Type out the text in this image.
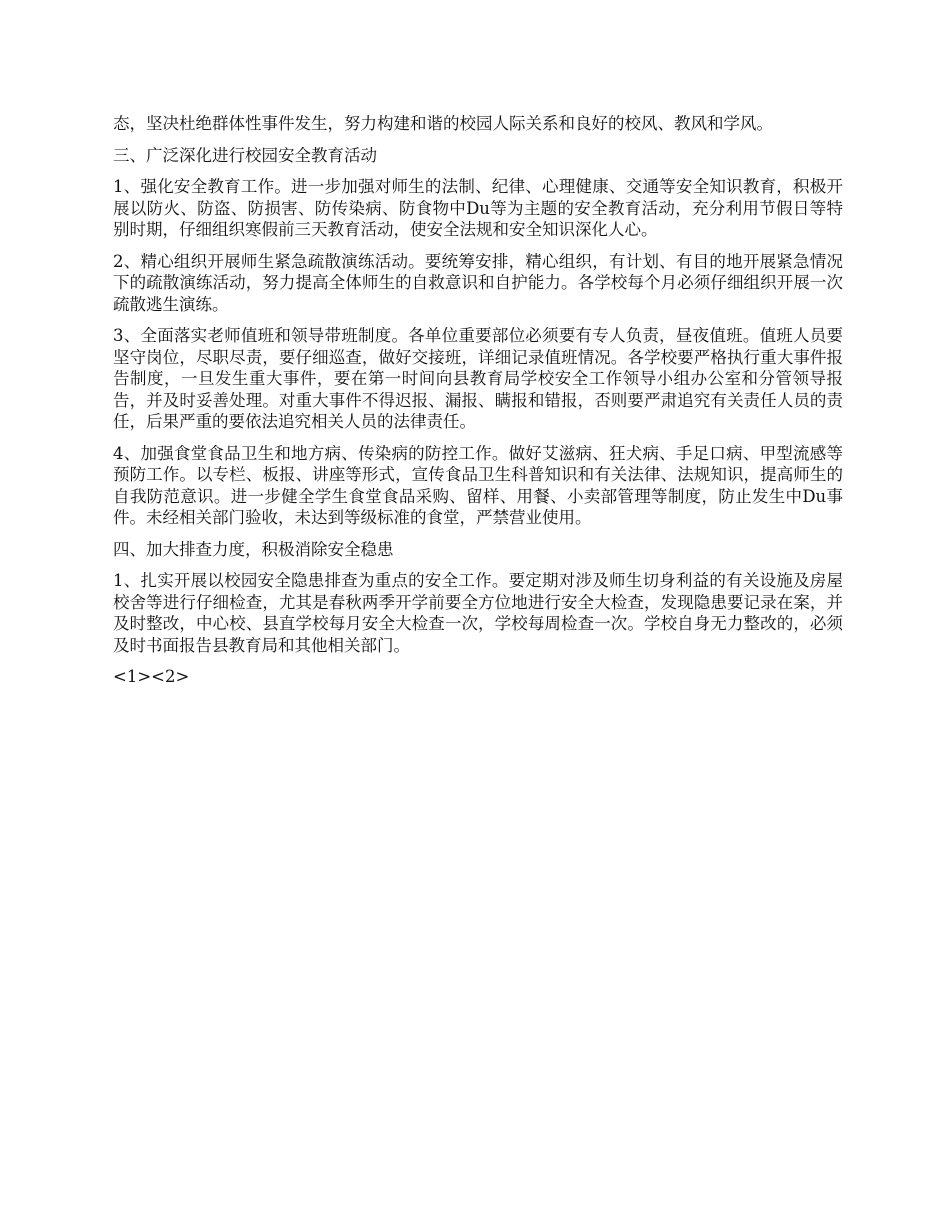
态，坚决杜绝群体性事件发生，努力构建和谐的校园人际关系和良好的校风、教风和学风。

三、广泛深化进行校园安全教育活动

1、强化安全教育工作。进一步加强对师生的法制、纪律、心理健康、交通等安全知识教育，积极开展以防火、防盗、防损害、防传染病、防食物中Du等为主题的安全教育活动，充分利用节假日等特别时期，仔细组织寒假前三天教育活动，使安全法规和安全知识深化人心。

2、精心组织开展师生紧急疏散演练活动。要统筹安排，精心组织，有计划、有目的地开展紧急情况下的疏散演练活动，努力提高全体师生的自救意识和自护能力。各学校每个月必须仔细组织开展一次疏散逃生演练。

3、全面落实老师值班和领导带班制度。各单位重要部位必须要有专人负责，昼夜值班。值班人员要坚守岗位，尽职尽责，要仔细巡查，做好交接班，详细记录值班情况。各学校要严格执行重大事件报告制度，一旦发生重大事件，要在第一时间向县教育局学校安全工作领导小组办公室和分管领导报告，并及时妥善处理。对重大事件不得迟报、漏报、瞒报和错报，否则要严肃追究有关责任人员的责任，后果严重的要依法追究相关人员的法律责任。

4、加强食堂食品卫生和地方病、传染病的防控工作。做好艾滋病、狂犬病、手足口病、甲型流感等预防工作。以专栏、板报、讲座等形式，宣传食品卫生科普知识和有关法律、法规知识，提高师生的自我防范意识。进一步健全学生食堂食品采购、留样、用餐、小卖部管理等制度，防止发生中Du事件。未经相关部门验收，未达到等级标准的食堂，严禁营业使用。

四、加大排查力度，积极消除安全稳患

1、扎实开展以校园安全隐患排查为重点的安全工作。要定期对涉及师生切身利益的有关设施及房屋校舍等进行仔细检查，尤其是春秋两季开学前要全方位地进行安全大检查，发现隐患要记录在案，并及时整改，中心校、县直学校每月安全大检查一次，学校每周检查一次。学校自身无力整改的，必须及时书面报告县教育局和其他相关部门。

<1><2>
